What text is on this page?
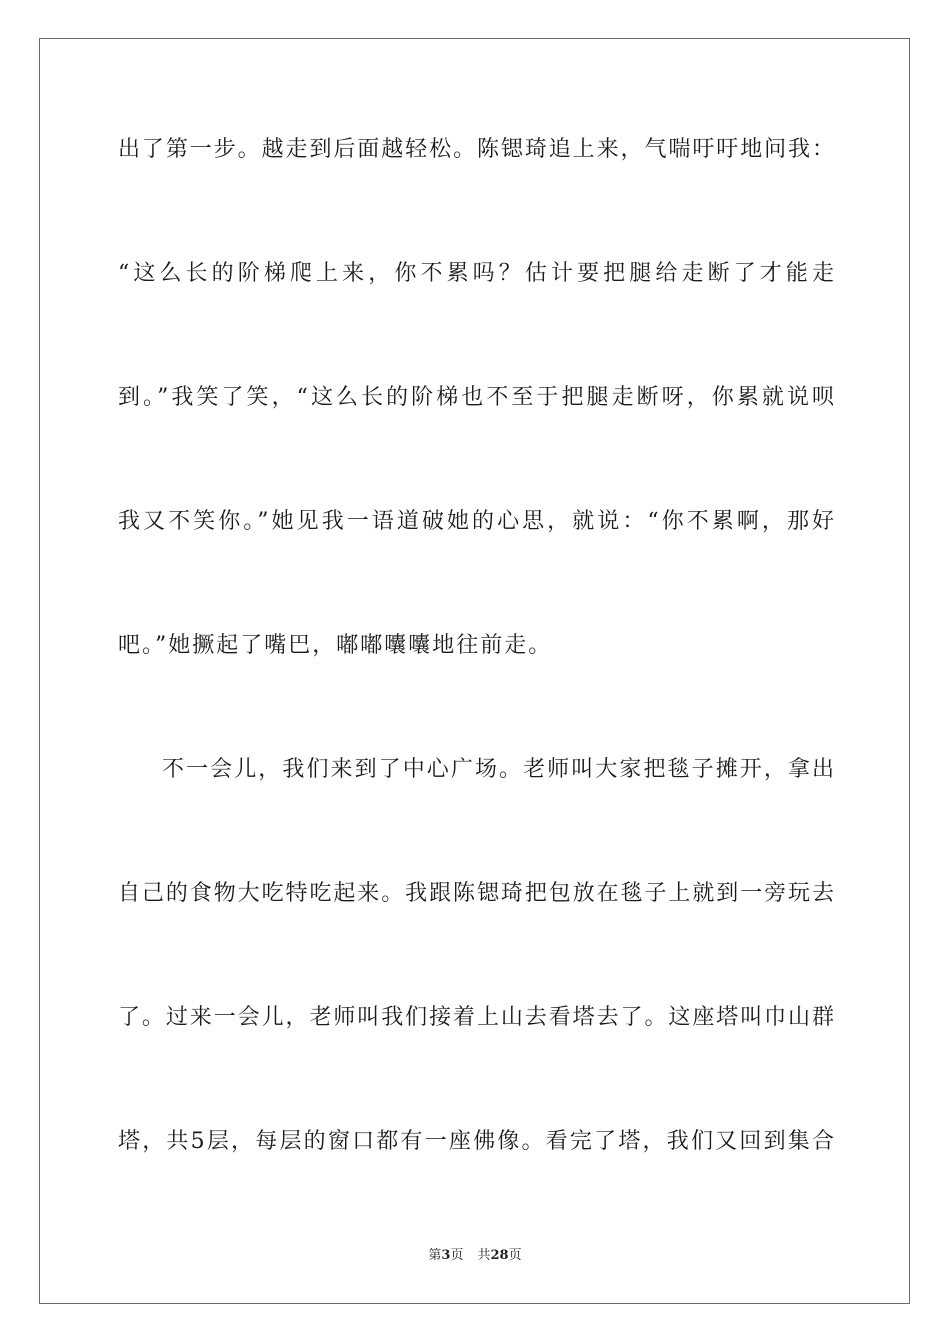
出了第一步。越走到后面越轻松。陈锶琦追上来，气喘吁吁地问我：
“这么长的阶梯爬上来，你不累吗？估计要把腿给走断了才能走
到。”我笑了笑，“这么长的阶梯也不至于把腿走断呀，你累就说呗
我又不笑你。”她见我一语道破她的心思，就说：“你不累啊，那好
吧。”她撅起了嘴巴，嘟嘟囔囔地往前走。
不一会儿，我们来到了中心广场。老师叫大家把毯子摊开，拿出
自己的食物大吃特吃起来。我跟陈锶琦把包放在毯子上就到一旁玩去
了。过来一会儿，老师叫我们接着上山去看塔去了。这座塔叫巾山群
塔，共5层，每层的窗口都有一座佛像。看完了塔，我们又回到集合
第3页 共28页
